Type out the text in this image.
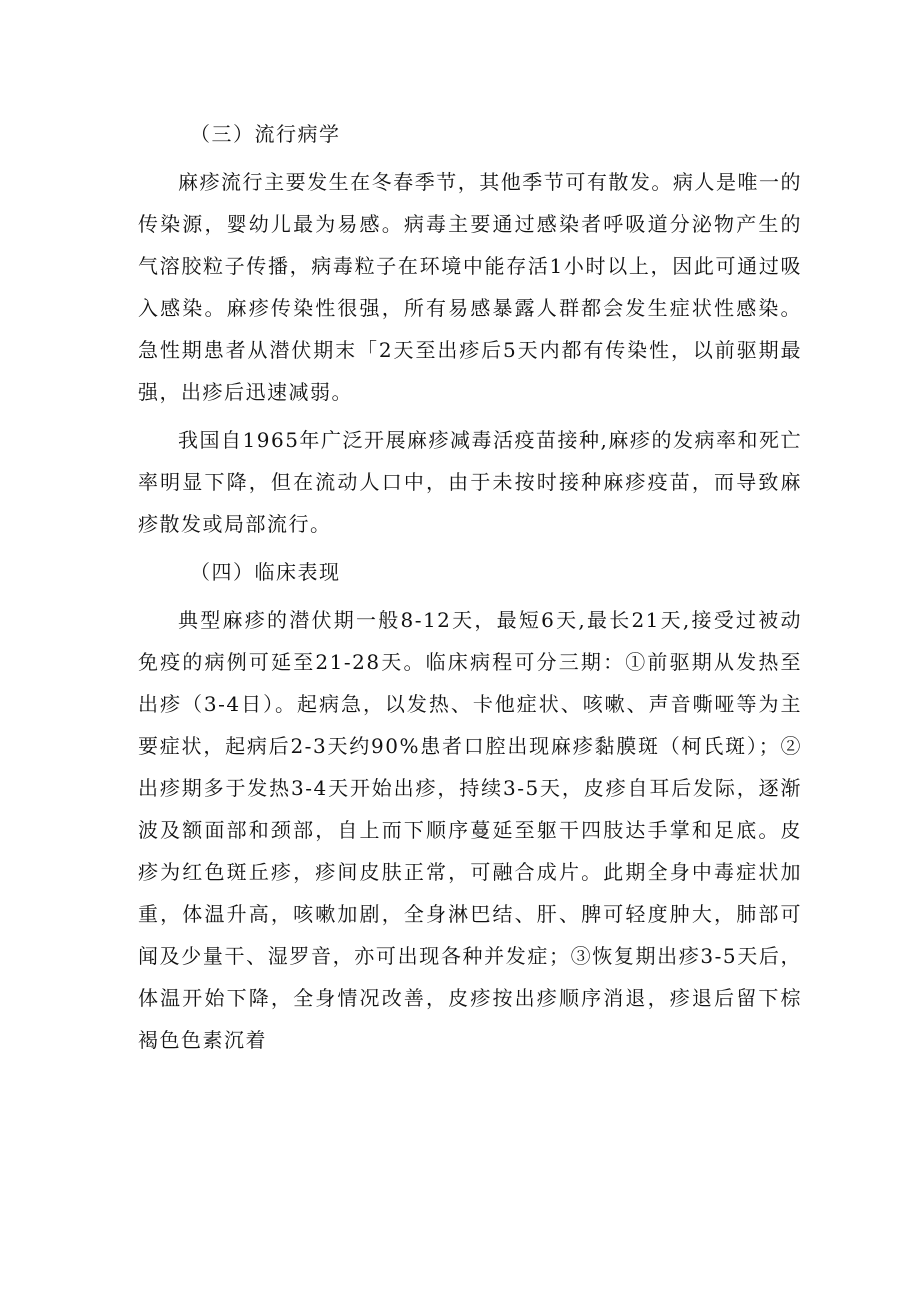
（三）流行病学

麻疹流行主要发生在冬春季节，其他季节可有散发。病人是唯一的传染源，婴幼儿最为易感。病毒主要通过感染者呼吸道分泌物产生的气溶胶粒子传播，病毒粒子在环境中能存活1小时以上，因此可通过吸入感染。麻疹传染性很强，所有易感暴露人群都会发生症状性感染。急性期患者从潜伏期末「2天至出疹后5天内都有传染性，以前驱期最强，出疹后迅速减弱。

我国自1965年广泛开展麻疹减毒活疫苗接种,麻疹的发病率和死亡率明显下降，但在流动人口中，由于未按时接种麻疹疫苗，而导致麻疹散发或局部流行。

（四）临床表现

典型麻疹的潜伏期一般8-12天，最短6天,最长21天,接受过被动免疫的病例可延至21-28天。临床病程可分三期：①前驱期从发热至出疹（3-4日）。起病急，以发热、卡他症状、咳嗽、声音嘶哑等为主要症状，起病后2-3天约90%患者口腔出现麻疹黏膜斑（柯氏斑）；②出疹期多于发热3-4天开始出疹，持续3-5天，皮疹自耳后发际，逐渐波及额面部和颈部，自上而下顺序蔓延至躯干四肢达手掌和足底。皮疹为红色斑丘疹，疹间皮肤正常，可融合成片。此期全身中毒症状加重，体温升高，咳嗽加剧，全身淋巴结、肝、脾可轻度肿大，肺部可闻及少量干、湿罗音，亦可出现各种并发症；③恢复期出疹3-5天后，体温开始下降，全身情况改善，皮疹按出疹顺序消退，疹退后留下棕褐色色素沉着
